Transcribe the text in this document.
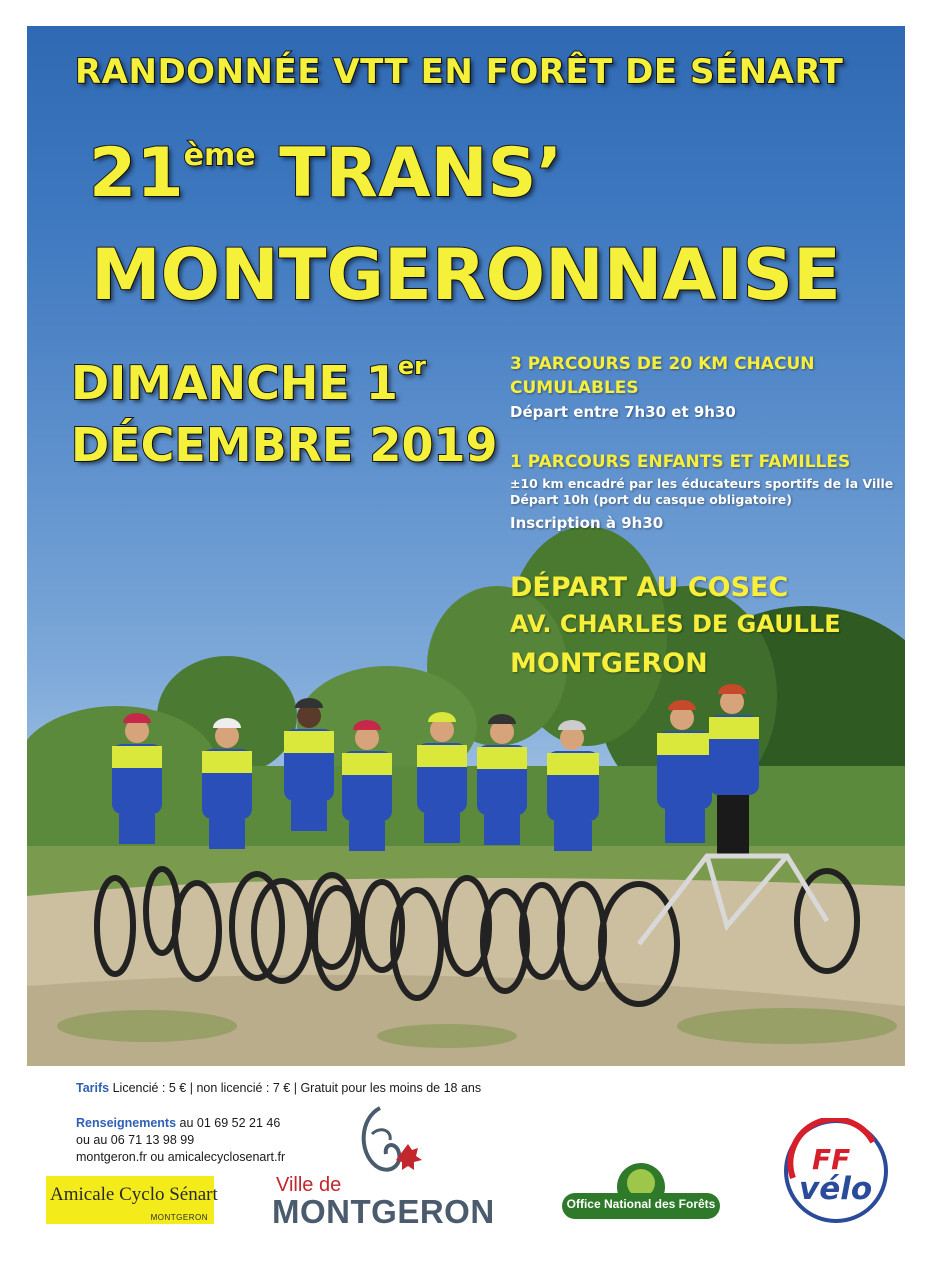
RANDONNÉE VTT EN FORÊT DE SÉNART

21ème TRANS’

MONTGERONNAISE

DIMANCHE 1er

DÉCEMBRE 2019

3 PARCOURS DE 20 KM CHACUN

CUMULABLES

Départ entre 7h30 et 9h30

1 PARCOURS ENFANTS ET FAMILLES

±10 km encadré par les éducateurs sportifs de la Ville

Départ 10h (port du casque obligatoire)

Inscription à 9h30

DÉPART AU COSEC

AV. CHARLES DE GAULLE

MONTGERON

Tarifs Licencié : 5 € | non licencié : 7 € | Gratuit pour les moins de 18 ans

Renseignements au 01 69 52 21 46

ou au 06 71 13 98 99

montgeron.fr ou amicalecyclosenart.fr

Amicale Cyclo Sénart
MONTGERON
Ville de
MONTGERON	Office National des Forêts
FF
vélo
